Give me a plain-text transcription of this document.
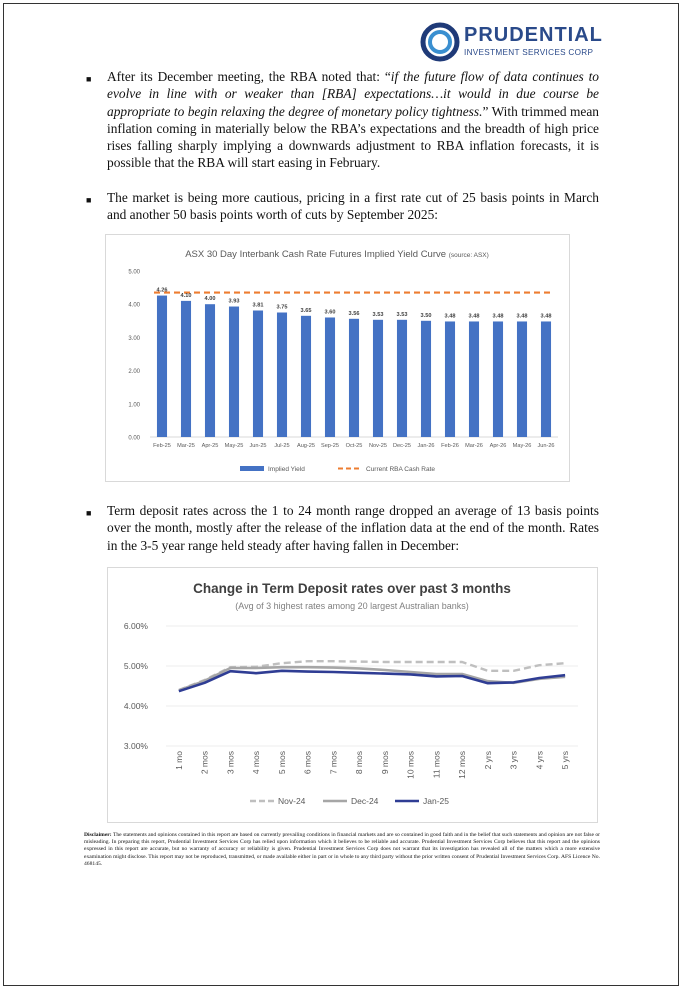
PRUDENTIAL
INVESTMENT SERVICES CORP
■ After its December meeting, the RBA noted that: “if the future flow of data continues to evolve in line with or weaker than [RBA] expectations…it would in due course be appropriate to begin relaxing the degree of monetary policy tightness.” With trimmed mean inflation coming in materially below the RBA’s expectations and the breadth of high price rises falling sharply implying a downwards adjustment to RBA inflation forecasts, it is possible that the RBA will start easing in February.
■ The market is being more cautious, pricing in a first rate cut of 25 basis points in March and another 50 basis points worth of cuts by September 2025:
ASX 30 Day Interbank Cash Rate Futures Implied Yield Curve (source: ASX)
0.00
1.00
2.00
3.00
4.00
5.00
Feb-25 Mar-25 Apr-25 May-25 Jun-25 Jul-25 Aug-25 Sep-25 Oct-25 Nov-25 Dec-25 Jan-26 Feb-26 Mar-26 Apr-26 May-26 Jun-26
4.26
4.10
4.00 3.93
3.81 3.75
3.65 3.60 3.56 3.53 3.53 3.50 3.48 3.48 3.48 3.48 3.48
Implied Yield	Current RBA Cash Rate
■ Term deposit rates across the 1 to 24 month range dropped an average of 13 basis points over the month, mostly after the release of the inflation data at the end of the month. Rates in the 3-5 year range held steady after having fallen in December:
Change in Term Deposit rates over past 3 months
(Avg of 3 highest rates among 20 largest Australian banks)
3.00%
4.00%
5.00%
6.00%
1 mo 2 mos 3 mos 4 mos 5 mos 6 mos 7 mos 8 mos 9 mos 10 mos 11 mos 12 mos 2 yrs 3 yrs 4 yrs 5 yrs
Nov-24	Dec-24	Jan-25
Disclaimer: The statements and opinions contained in this report are based on currently prevailing conditions in financial markets and are so contained in good faith and in the belief that such statements and opinion are not false or misleading. In preparing this report, Prudential Investment Services Corp has relied upon information which it believes to be reliable and accurate. Prudential Investment Services Corp believes that this report and the opinions expressed in this report are accurate, but no warranty of accuracy or reliability is given. Prudential Investment Services Corp does not warrant that its investigation has revealed all of the matters which a more extensive examination might disclose. This report may not be reproduced, transmitted, or made available either in part or in whole to any third party without the prior written consent of Prudential Investment Services Corp. AFS Licence No. 468145.
